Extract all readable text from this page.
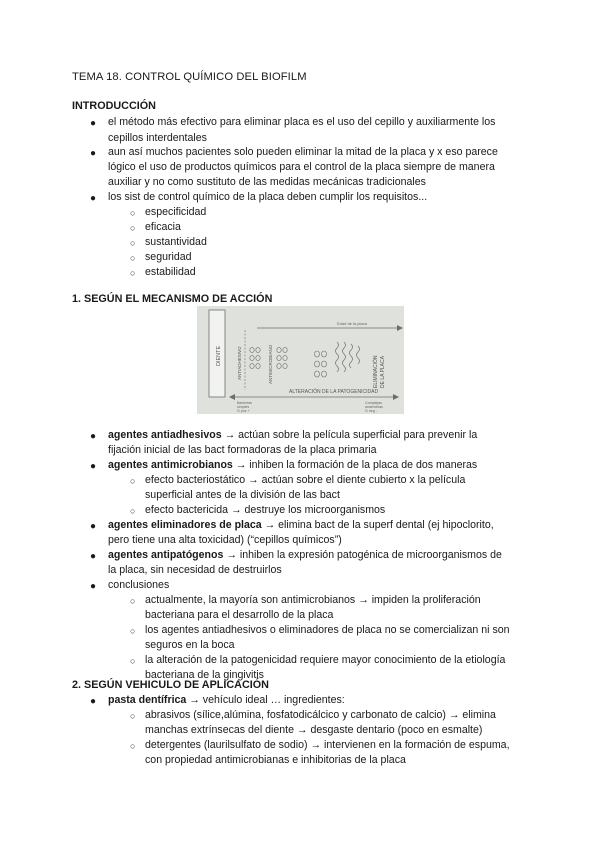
TEMA 18. CONTROL QUÍMICO DEL BIOFILM
INTRODUCCIÓN
● el método más efectivo para eliminar placa es el uso del cepillo y auxiliarmente los
cepillos interdentales
● aun así muchos pacientes solo pueden eliminar la mitad de la placa y x eso parece
lógico el uso de productos químicos para el control de la placa siempre de manera
auxiliar y no como sustituto de las medidas mecánicas tradicionales
● los sist de control químico de la placa deben cumplir los requisitos...
○ especificidad
○ eficacia
○ sustantividad
○ seguridad
○ estabilidad
1. SEGÚN EL MECANISMO DE ACCIÓN
DIENTE
Edad de la placa
ANTIADHESIVO	ANTIMICROBIANO	ELIMINACIÓN DE LA PLACA
ALTERACIÓN DE LA PATOGENICIDAD
Bacterias
simples
G pos +
Complejas
anaerobias
G neg -
● agentes antiadhesivos → actúan sobre la película superficial para prevenir la
fijación inicial de las bact formadoras de la placa primaria
● agentes antimicrobianos → inhiben la formación de la placa de dos maneras
○ efecto bacteriostático → actúan sobre el diente cubierto x la película
superficial antes de la división de las bact
○ efecto bactericida → destruye los microorganismos
● agentes eliminadores de placa → elimina bact de la superf dental (ej hipoclorito,
pero tiene una alta toxicidad) (“cepillos químicos”)
● agentes antipatógenos → inhiben la expresión patogénica de microorganismos de
la placa, sin necesidad de destruirlos
● conclusiones
○ actualmente, la mayoría son antimicrobianos → impiden la proliferación
bacteriana para el desarrollo de la placa
○ los agentes antiadhesivos o eliminadores de placa no se comercializan ni son
seguros en la boca
○ la alteración de la patogenicidad requiere mayor conocimiento de la etiología
bacteriana de la gingivitis
2. SEGÚN VEHICULO DE APLICACIÓN
● pasta dentífrica → vehículo ideal … ingredientes:
○ abrasivos (sílice,alúmina, fosfatodicálcico y carbonato de calcio) → elimina
manchas extrínsecas del diente → desgaste dentario (poco en esmalte)
○ detergentes (laurilsulfato de sodio) → intervienen en la formación de espuma,
con propiedad antimicrobianas e inhibitorias de la placa
